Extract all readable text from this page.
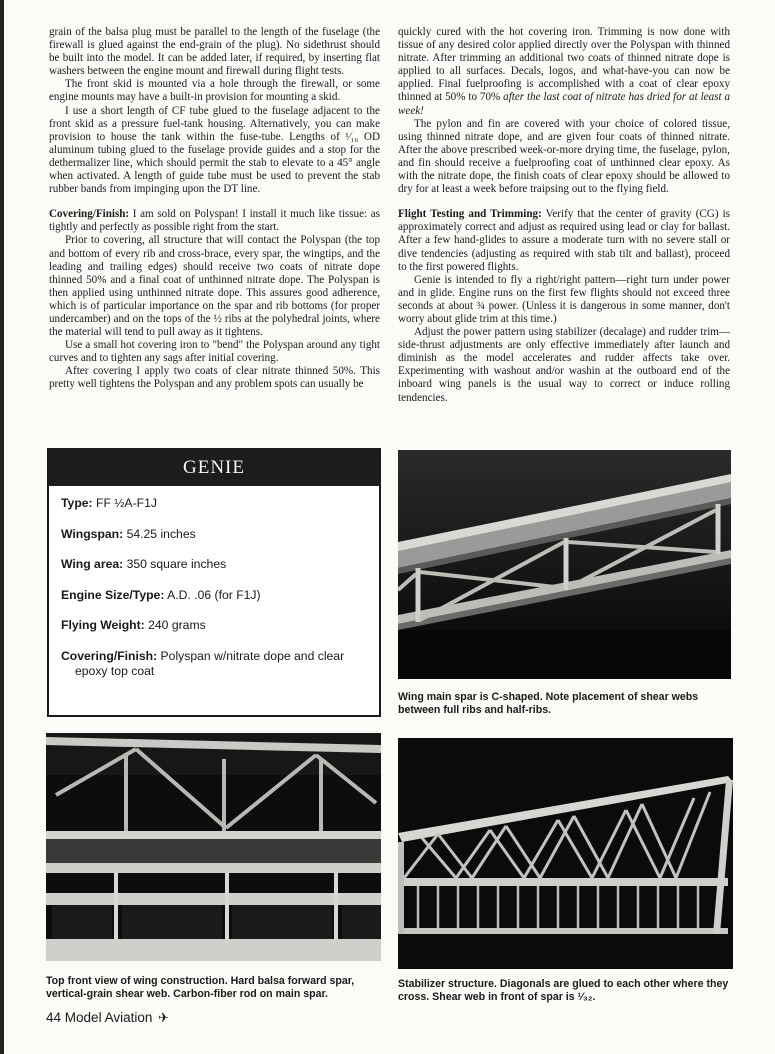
grain of the balsa plug must be parallel to the length of the fuselage (the firewall is glued against the end-grain of the plug). No sidethrust should be built into the model. It can be added later, if required, by inserting flat washers between the engine mount and firewall during flight tests.

The front skid is mounted via a hole through the firewall, or some engine mounts may have a built-in provision for mounting a skid.

I use a short length of CF tube glued to the fuselage adjacent to the front skid as a pressure fuel-tank housing. Alternatively, you can make provision to house the tank within the fuse-tube. Lengths of ¹⁄₁₆ OD aluminum tubing glued to the fuselage provide guides and a stop for the dethermalizer line, which should permit the stab to elevate to a 45° angle when activated. A length of guide tube must be used to prevent the stab rubber bands from impinging upon the DT line.

Covering/Finish: I am sold on Polyspan! I install it much like tissue: as tightly and perfectly as possible right from the start.

Prior to covering, all structure that will contact the Polyspan (the top and bottom of every rib and cross-brace, every spar, the wingtips, and the leading and trailing edges) should receive two coats of nitrate dope thinned 50% and a final coat of unthinned nitrate dope. The Polyspan is then applied using unthinned nitrate dope. This assures good adherence, which is of particular importance on the spar and rib bottoms (for proper undercamber) and on the tops of the ½ ribs at the polyhedral joints, where the material will tend to pull away as it tightens.

Use a small hot covering iron to "bend" the Polyspan around any tight curves and to tighten any sags after initial covering.

After covering I apply two coats of clear nitrate thinned 50%. This pretty well tightens the Polyspan and any problem spots can usually be

quickly cured with the hot covering iron. Trimming is now done with tissue of any desired color applied directly over the Polyspan with thinned nitrate. After trimming an additional two coats of thinned nitrate dope is applied to all surfaces. Decals, logos, and what-have-you can now be applied. Final fuelproofing is accomplished with a coat of clear epoxy thinned at 50% to 70% after the last coat of nitrate has dried for at least a week!

The pylon and fin are covered with your choice of colored tissue, using thinned nitrate dope, and are given four coats of thinned nitrate. After the above prescribed week-or-more drying time, the fuselage, pylon, and fin should receive a fuelproofing coat of unthinned clear epoxy. As with the nitrate dope, the finish coats of clear epoxy should be allowed to dry for at least a week before traipsing out to the flying field.

Flight Testing and Trimming: Verify that the center of gravity (CG) is approximately correct and adjust as required using lead or clay for ballast. After a few hand-glides to assure a moderate turn with no severe stall or dive tendencies (adjusting as required with stab tilt and ballast), proceed to the first powered flights.

Genie is intended to fly a right/right pattern—right turn under power and in glide. Engine runs on the first few flights should not exceed three seconds at about ¾ power. (Unless it is dangerous in some manner, don't worry about glide trim at this time.)

Adjust the power pattern using stabilizer (decalage) and rudder trim—side-thrust adjustments are only effective immediately after launch and diminish as the model accelerates and rudder affects take over. Experimenting with washout and/or washin at the outboard end of the inboard wing panels is the usual way to correct or induce rolling tendencies.

GENIE
Type: FF ½A-F1J
Wingspan: 54.25 inches
Wing area: 350 square inches
Engine Size/Type: A.D. .06 (for F1J)
Flying Weight: 240 grams
Covering/Finish: Polyspan w/nitrate dope and clear
epoxy top coat
Wing main spar is C-shaped. Note placement of shear webs between full ribs and half-ribs.
Top front view of wing construction. Hard balsa forward spar, vertical-grain shear web. Carbon-fiber rod on main spar.
Stabilizer structure. Diagonals are glued to each other where they cross. Shear web in front of spar is ¹⁄₃₂.
44 Model Aviation ✈
